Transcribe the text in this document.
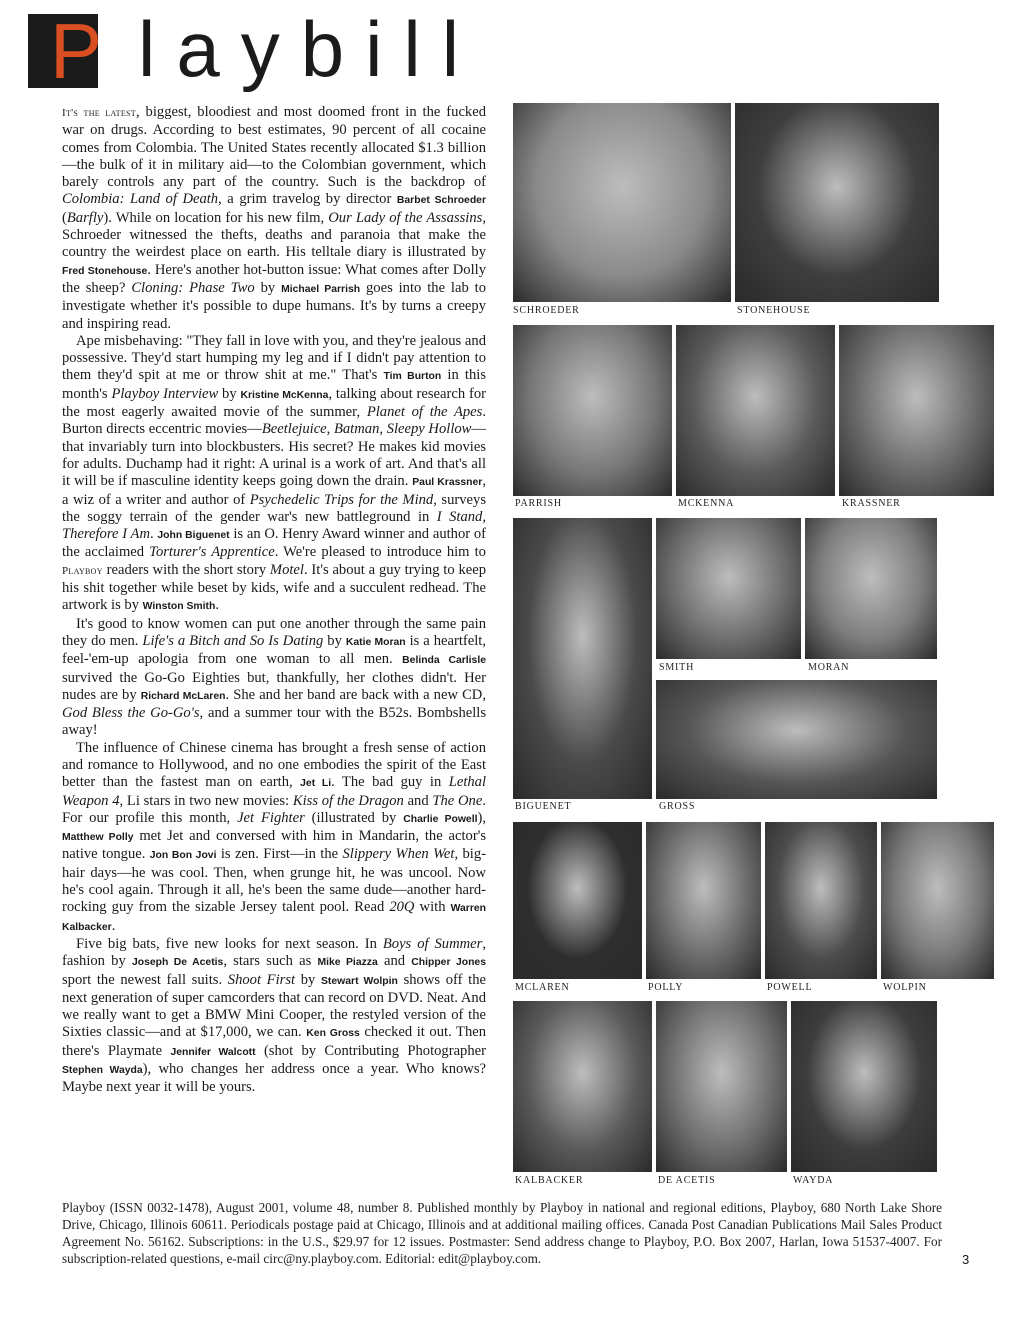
P laybill

It's the latest, biggest, bloodiest and most doomed front in the fucked war on drugs. According to best estimates, 90 percent of all cocaine comes from Colombia. The United States recently allocated $1.3 billion—the bulk of it in military aid—to the Colombian government, which barely controls any part of the country. Such is the backdrop of Colombia: Land of Death, a grim travelog by director Barbet Schroeder (Barfly). While on location for his new film, Our Lady of the Assassins, Schroeder witnessed the thefts, deaths and paranoia that make the country the weirdest place on earth. His telltale diary is illustrated by Fred Stonehouse. Here's another hot-button issue: What comes after Dolly the sheep? Cloning: Phase Two by Michael Parrish goes into the lab to investigate whether it's possible to dupe humans. It's by turns a creepy and inspiring read.

Ape misbehaving: "They fall in love with you, and they're jealous and possessive. They'd start humping my leg and if I didn't pay attention to them they'd spit at me or throw shit at me." That's Tim Burton in this month's Playboy Interview by Kristine McKenna, talking about research for the most eagerly awaited movie of the summer, Planet of the Apes. Burton directs eccentric movies—Beetlejuice, Batman, Sleepy Hollow—that invariably turn into blockbusters. His secret? He makes kid movies for adults. Duchamp had it right: A urinal is a work of art. And that's all it will be if masculine identity keeps going down the drain. Paul Krassner, a wiz of a writer and author of Psychedelic Trips for the Mind, surveys the soggy terrain of the gender war's new battleground in I Stand, Therefore I Am. John Biguenet is an O. Henry Award winner and author of the acclaimed Torturer's Apprentice. We're pleased to introduce him to Playboy readers with the short story Motel. It's about a guy trying to keep his shit together while beset by kids, wife and a succulent redhead. The artwork is by Winston Smith.

It's good to know women can put one another through the same pain they do men. Life's a Bitch and So Is Dating by Katie Moran is a heartfelt, feel-'em-up apologia from one woman to all men. Belinda Carlisle survived the Go-Go Eighties but, thankfully, her clothes didn't. Her nudes are by Richard McLaren. She and her band are back with a new CD, God Bless the Go-Go's, and a summer tour with the B52s. Bombshells away!

The influence of Chinese cinema has brought a fresh sense of action and romance to Hollywood, and no one embodies the spirit of the East better than the fastest man on earth, Jet Li. The bad guy in Lethal Weapon 4, Li stars in two new movies: Kiss of the Dragon and The One. For our profile this month, Jet Fighter (illustrated by Charlie Powell), Matthew Polly met Jet and conversed with him in Mandarin, the actor's native tongue. Jon Bon Jovi is zen. First—in the Slippery When Wet, big-hair days—he was cool. Then, when grunge hit, he was uncool. Now he's cool again. Through it all, he's been the same dude—another hard-rocking guy from the sizable Jersey talent pool. Read 20Q with Warren Kalbacker.

Five big bats, five new looks for next season. In Boys of Summer, fashion by Joseph De Acetis, stars such as Mike Piazza and Chipper Jones sport the newest fall suits. Shoot First by Stewart Wolpin shows off the next generation of super camcorders that can record on DVD. Neat. And we really want to get a BMW Mini Cooper, the restyled version of the Sixties classic—and at $17,000, we can. Ken Gross checked it out. Then there's Playmate Jennifer Walcott (shot by Contributing Photographer Stephen Wayda), who changes her address once a year. Who knows? Maybe next year it will be yours.

SCHROEDER	STONEHOUSE
PARRISH	MCKENNA	KRASSNER
BIGUENET
SMITH	MORAN
GROSS
MCLAREN	POLLY	POWELL	WOLPIN
KALBACKER	DE ACETIS	WAYDA
Playboy (ISSN 0032-1478), August 2001, volume 48, number 8. Published monthly by Playboy in national and regional editions, Playboy, 680 North Lake Shore Drive, Chicago, Illinois 60611. Periodicals postage paid at Chicago, Illinois and at additional mailing offices. Canada Post Canadian Publications Mail Sales Product Agreement No. 56162. Subscriptions: in the U.S., $29.97 for 12 issues. Postmaster: Send address change to Playboy, P.O. Box 2007, Harlan, Iowa 51537-4007. For subscription-related questions, e-mail circ@ny.playboy.com. Editorial: edit@playboy.com.	3
